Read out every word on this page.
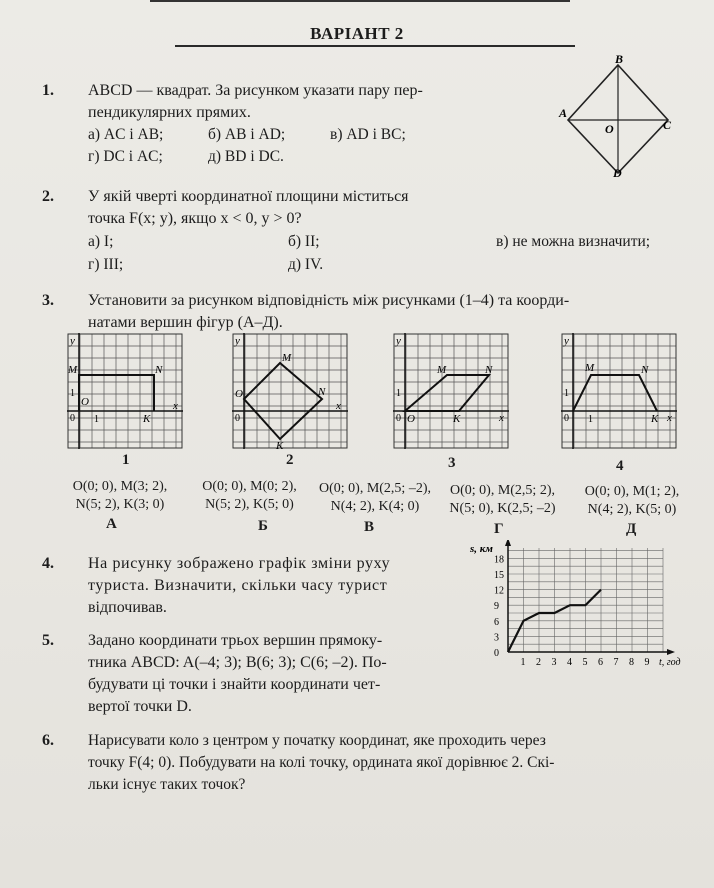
ВАРІАНТ 2
1. ABCD — квадрат. За рисунком указати пару пер-
пендикулярних прямих.
а) AC і AB;	б) AB і AD;	в) AD і BC;
г) DC і AC;	д) BD і DC.
B
A
C
D
O
2. У якій чверті координатної площини міститься
точка F(x; y), якщо x < 0, y > 0?
а) I;	б) II;	в) не можна визначити;
г) III;	д) IV.
3. Установити за рисунком відповідність між рисунками (1–4) та коорди-
натами вершин фігур (А–Д).
y
x
M	N
K
O
0
1
1
y
x
M
N
K
O
0
y
x
M	N
K
O
0
1
y
x
M	N
K
0
1
1
1	2	3	4
O(0; 0), M(3; 2),
N(5; 2), K(3; 0)
O(0; 0), M(0; 2),
N(5; 2), K(5; 0)
O(0; 0), M(2,5; –2),
N(4; 2), K(4; 0)
O(0; 0), M(2,5; 2),
N(5; 0), K(2,5; –2)
O(0; 0), M(1; 2),
N(4; 2), K(5; 0)
А	Б	В	Г	Д
4. На рисунку зображено графік зміни руху
туриста. Визначити, скільки часу турист
відпочивав.
1 2 3 4 5 6 7 8 9
3
6
9
12
15
18
0
t, год
s, км
5. Задано координати трьох вершин прямоку-
тника ABCD: A(–4; 3); B(6; 3); C(6; –2). По-
будувати ці точки і знайти координати чет-
вертої точки D.
6. Нарисувати коло з центром у початку координат, яке проходить через
точку F(4; 0). Побудувати на колі точку, ордината якої дорівнює 2. Скі-
льки існує таких точок?
